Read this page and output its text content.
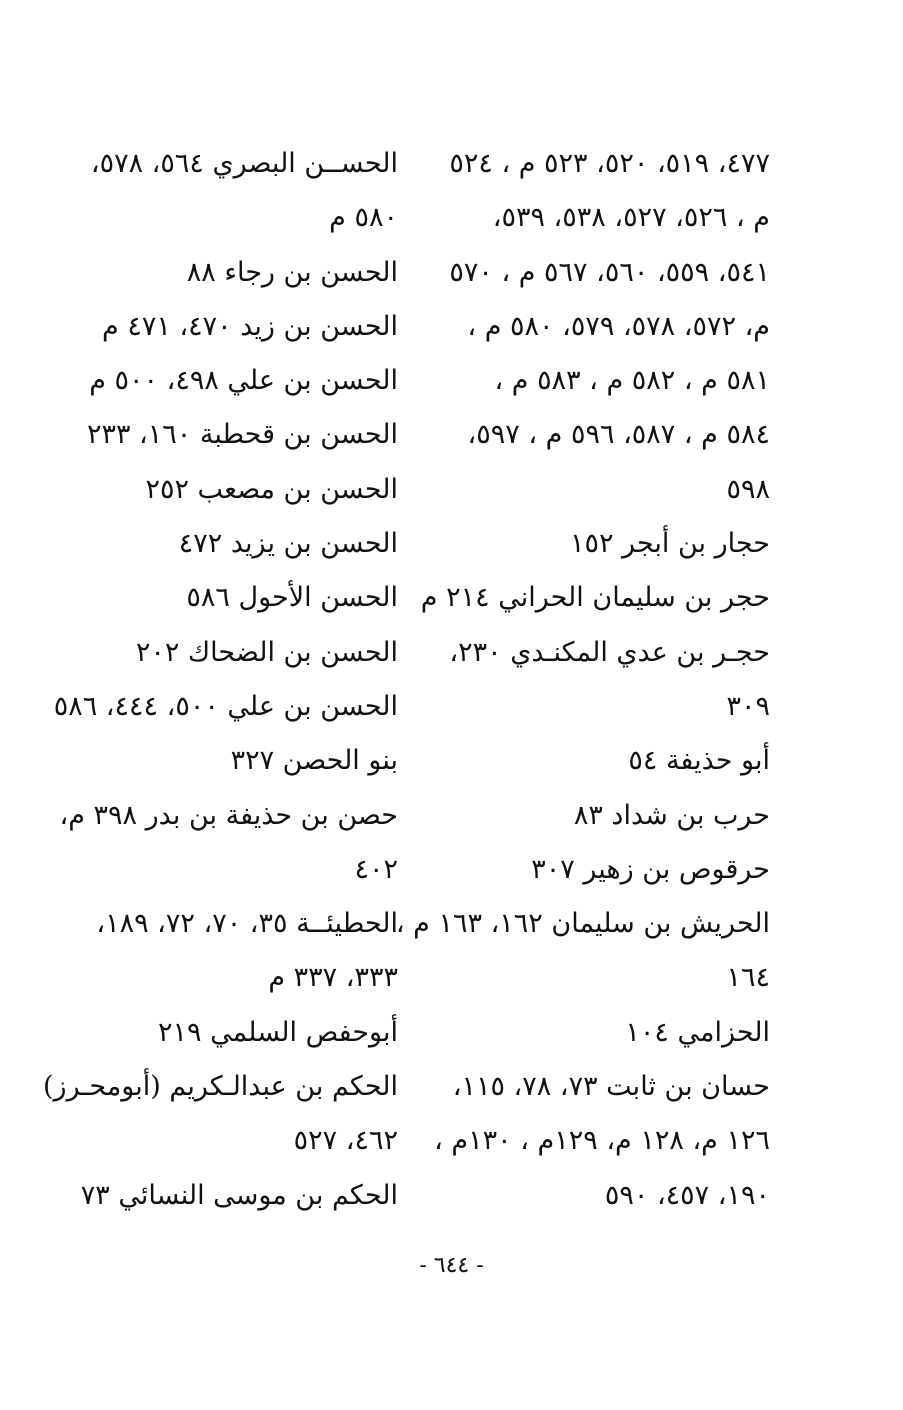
٤٧٧، ٥١٩، ٥٢٠، ٥٢٣ م ، ٥٢٤
م ، ٥٢٦، ٥٢٧، ٥٣٨، ٥٣٩،
٥٤١، ٥٥٩، ٥٦٠، ٥٦٧ م ، ٥٧٠
م، ٥٧٢، ٥٧٨، ٥٧٩، ٥٨٠ م ،
٥٨١ م ، ٥٨٢ م ، ٥٨٣ م ،
٥٨٤ م ، ٥٨٧، ٥٩٦ م ، ٥٩٧،
٥٩٨
حجار بن أبجر ١٥٢
حجر بن سليمان الحراني ٢١٤ م
حجـر بن عدي المكنـدي ٢٣٠،
٣٠٩
أبو حذيفة ٥٤
حرب بن شداد ٨٣
حرقوص بن زهير ٣٠٧
الحريش بن سليمان ١٦٢، ١٦٣ م ،
١٦٤
الحزامي ١٠٤
حسان بن ثابت ٧٣، ٧٨، ١١٥،
١٢٦ م، ١٢٨ م، ١٢٩م ، ١٣٠م ،
١٩٠، ٤٥٧، ٥٩٠
الحســن البصري ٥٦٤، ٥٧٨،
٥٨٠ م
الحسن بن رجاء ٨٨
الحسن بن زيد ٤٧٠، ٤٧١ م
الحسن بن علي ٤٩٨، ٥٠٠ م
الحسن بن قحطبة ١٦٠، ٢٣٣
الحسن بن مصعب ٢٥٢
الحسن بن يزيد ٤٧٢
الحسن الأحول ٥٨٦
الحسن بن الضحاك ٢٠٢
الحسن بن علي ٥٠٠، ٤٤٤، ٥٨٦
بنو الحصن ٣٢٧
حصن بن حذيفة بن بدر ٣٩٨ م،
٤٠٢
الحطيئــة ٣٥، ٧٠، ٧٢، ١٨٩،
٣٣٣، ٣٣٧ م
أبوحفص السلمي ٢١٩
الحكم بن عبدالـكريم (أبومحـرز)
٤٦٢، ٥٢٧
الحكم بن موسى النسائي ٧٣
- ٦٤٤ -
